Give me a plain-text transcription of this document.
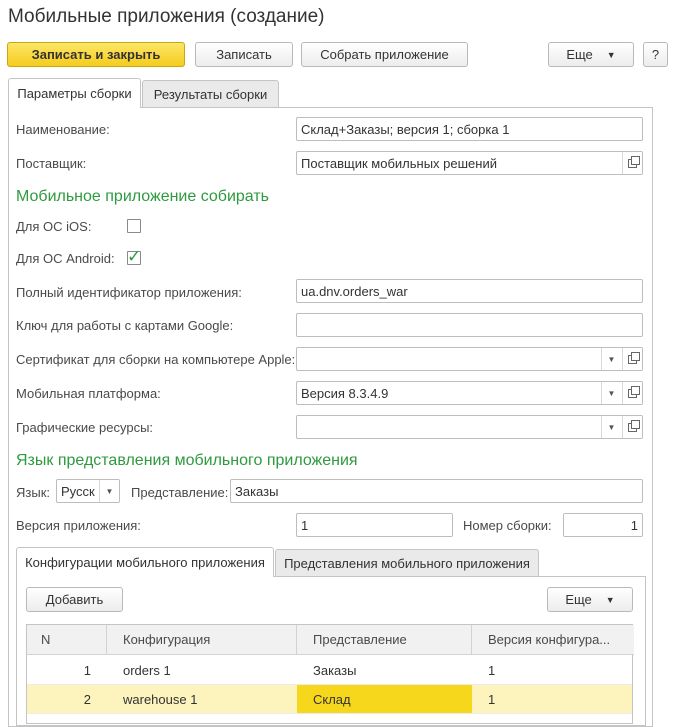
Мобильные приложения (создание)
Записать и закрыть	Записать	Собрать приложение	Еще ▼	?
Параметры сборки	Результаты сборки
Наименование:	Склад+Заказы; версия 1; сборка 1
Поставщик:	Поставщик мобильных решений
Мобильное приложение собирать
Для ОС iOS:
Для ОС Android: ✓
Полный идентификатор приложения:	ua.dnv.orders_war
Ключ для работы с картами Google:
Сертификат для сборки на компьютере Apple:	▼
Мобильная платформа:	Версия 8.3.4.9	▼
Графические ресурсы:	▼
Язык представления мобильного приложения
Язык: Русск	▼	Представление: Заказы
Версия приложения:	1	Номер сборки:	1
Конфигурации мобильного приложения	Представления мобильного приложения
Добавить	Еще ▼
N	Конфигурация	Представление	Версия конфигура...
1	orders 1	Заказы	1
2	warehouse 1	Склад	1
